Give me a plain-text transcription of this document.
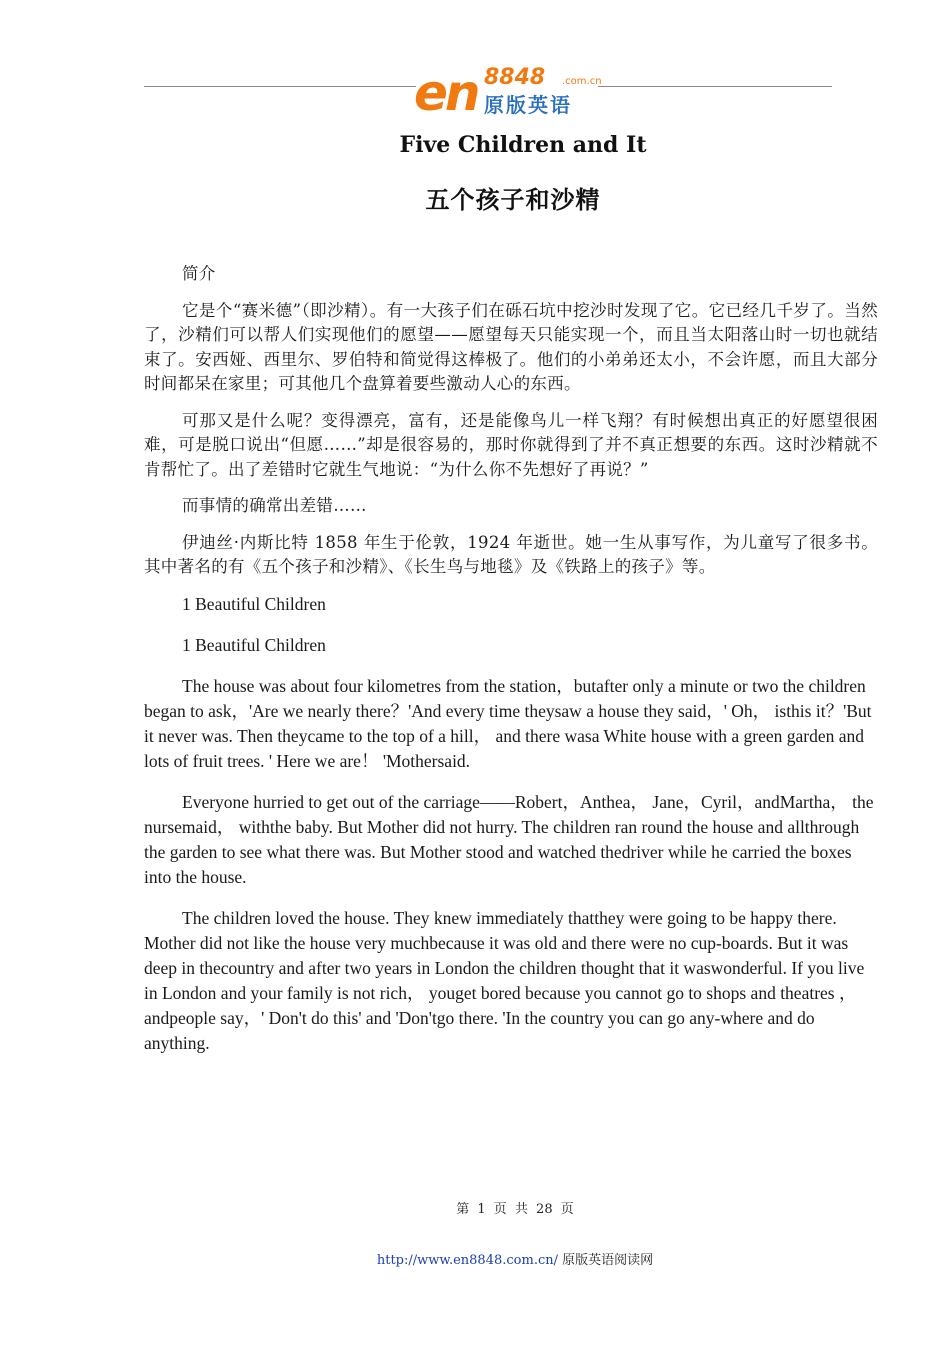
en 8848 .com.cn
原版英语
Five Children and It
五个孩子和沙精

简介

它是个“赛米德”（即沙精）。有一大孩子们在砾石坑中挖沙时发现了它。它已经几千岁了。当然了，沙精们可以帮人们实现他们的愿望——愿望每天只能实现一个，而且当太阳落山时一切也就结束了。安西娅、西里尔、罗伯特和简觉得这棒极了。他们的小弟弟还太小，不会许愿，而且大部分时间都呆在家里；可其他几个盘算着要些激动人心的东西。

可那又是什么呢？变得漂亮，富有，还是能像鸟儿一样飞翔？有时候想出真正的好愿望很困难，可是脱口说出“但愿……”却是很容易的，那时你就得到了并不真正想要的东西。这时沙精就不肯帮忙了。出了差错时它就生气地说：“为什么你不先想好了再说？”

而事情的确常出差错……

伊迪丝·内斯比特 1858 年生于伦敦，1924 年逝世。她一生从事写作，为儿童写了很多书。其中著名的有《五个孩子和沙精》、《长生鸟与地毯》及《铁路上的孩子》等。

1 Beautiful Children

1 Beautiful Children

The house was about four kilometres from the station，butafter only a minute or two the children began to ask，'Are we nearly there？'And every time theysaw a house they said，' Oh， isthis it？'But it never was. Then theycame to the top of a hill， and there wasa White house with a green garden and lots of fruit trees. ' Here we are！ 'Mothersaid.

Everyone hurried to get out of the carriage——Robert，Anthea， Jane，Cyril，andMartha， the nursemaid， withthe baby. But Mother did not hurry. The children ran round the house and allthrough the garden to see what there was. But Mother stood and watched thedriver while he carried the boxes into the house.

The children loved the house. They knew immediately thatthey were going to be happy there. Mother did not like the house very muchbecause it was old and there were no cup-boards. But it was deep in thecountry and after two years in London the children thought that it waswonderful. If you live in London and your family is not rich， youget bored because you cannot go to shops and theatres ，andpeople say，' Don't do this' and 'Don'tgo there. 'In the country you can go any-where and do anything.

第 1 页 共 28 页
http://www.en8848.com.cn/ 原版英语阅读网
